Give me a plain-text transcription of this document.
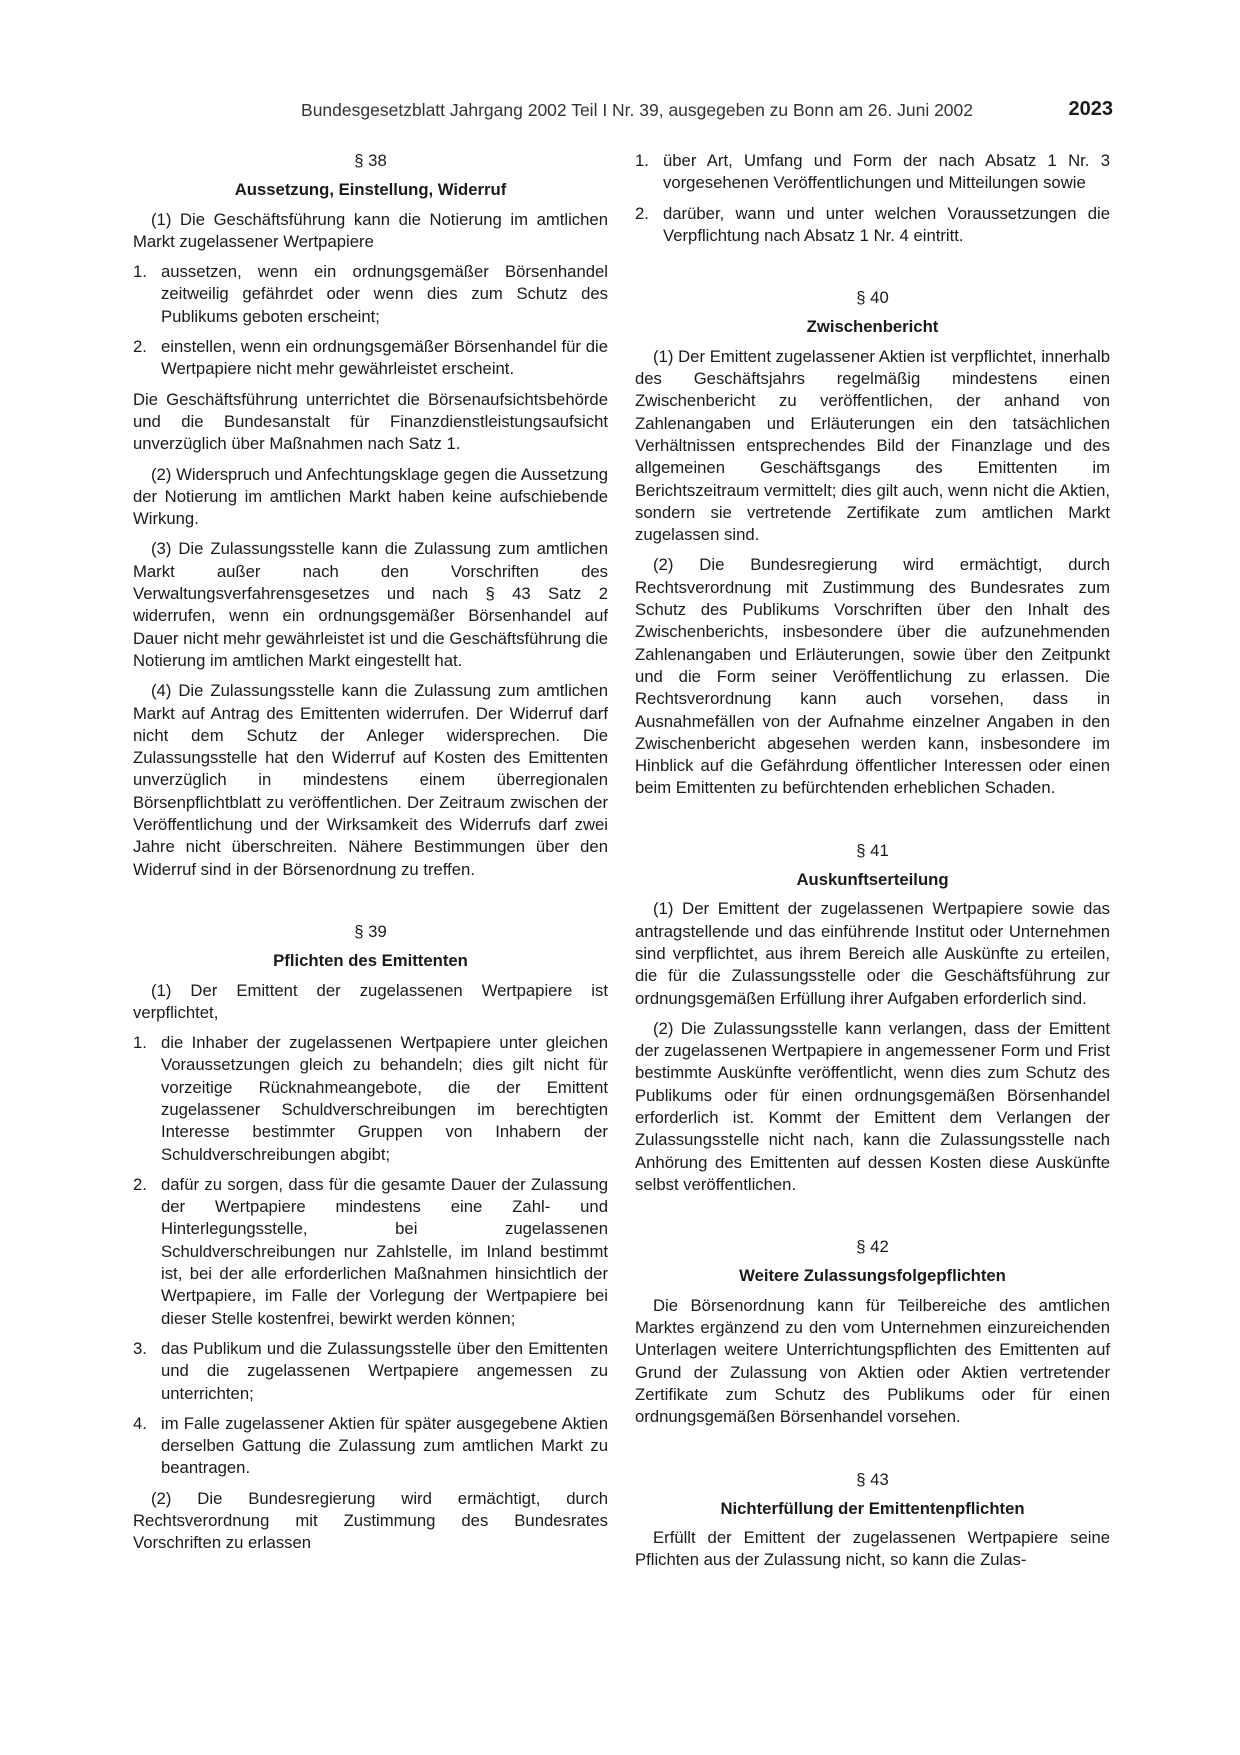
Bundesgesetzblatt Jahrgang 2002 Teil I Nr. 39, ausgegeben zu Bonn am 26. Juni 2002	2023
§ 38
Aussetzung, Einstellung, Widerruf
(1) Die Geschäftsführung kann die Notierung im amtlichen Markt zugelassener Wertpapiere
1. aussetzen, wenn ein ordnungsgemäßer Börsenhandel zeitweilig gefährdet oder wenn dies zum Schutz des Publikums geboten erscheint;
2. einstellen, wenn ein ordnungsgemäßer Börsenhandel für die Wertpapiere nicht mehr gewährleistet erscheint.
Die Geschäftsführung unterrichtet die Börsenaufsichtsbehörde und die Bundesanstalt für Finanzdienstleistungsaufsicht unverzüglich über Maßnahmen nach Satz 1.
(2) Widerspruch und Anfechtungsklage gegen die Aussetzung der Notierung im amtlichen Markt haben keine aufschiebende Wirkung.
(3) Die Zulassungsstelle kann die Zulassung zum amtlichen Markt außer nach den Vorschriften des Verwaltungsverfahrensgesetzes und nach § 43 Satz 2 widerrufen, wenn ein ordnungsgemäßer Börsenhandel auf Dauer nicht mehr gewährleistet ist und die Geschäftsführung die Notierung im amtlichen Markt eingestellt hat.
(4) Die Zulassungsstelle kann die Zulassung zum amtlichen Markt auf Antrag des Emittenten widerrufen. Der Widerruf darf nicht dem Schutz der Anleger widersprechen. Die Zulassungsstelle hat den Widerruf auf Kosten des Emittenten unverzüglich in mindestens einem überregionalen Börsenpflichtblatt zu veröffentlichen. Der Zeitraum zwischen der Veröffentlichung und der Wirksamkeit des Widerrufs darf zwei Jahre nicht überschreiten. Nähere Bestimmungen über den Widerruf sind in der Börsenordnung zu treffen.
§ 39
Pflichten des Emittenten
(1) Der Emittent der zugelassenen Wertpapiere ist verpflichtet,
1. die Inhaber der zugelassenen Wertpapiere unter gleichen Voraussetzungen gleich zu behandeln; dies gilt nicht für vorzeitige Rücknahmeangebote, die der Emittent zugelassener Schuldverschreibungen im berechtigten Interesse bestimmter Gruppen von Inhabern der Schuldverschreibungen abgibt;
2. dafür zu sorgen, dass für die gesamte Dauer der Zulassung der Wertpapiere mindestens eine Zahl- und Hinterlegungsstelle, bei zugelassenen Schuldverschreibungen nur Zahlstelle, im Inland bestimmt ist, bei der alle erforderlichen Maßnahmen hinsichtlich der Wertpapiere, im Falle der Vorlegung der Wertpapiere bei dieser Stelle kostenfrei, bewirkt werden können;
3. das Publikum und die Zulassungsstelle über den Emittenten und die zugelassenen Wertpapiere angemessen zu unterrichten;
4. im Falle zugelassener Aktien für später ausgegebene Aktien derselben Gattung die Zulassung zum amtlichen Markt zu beantragen.
(2) Die Bundesregierung wird ermächtigt, durch Rechtsverordnung mit Zustimmung des Bundesrates Vorschriften zu erlassen
1. über Art, Umfang und Form der nach Absatz 1 Nr. 3 vorgesehenen Veröffentlichungen und Mitteilungen sowie
2. darüber, wann und unter welchen Voraussetzungen die Verpflichtung nach Absatz 1 Nr. 4 eintritt.
§ 40
Zwischenbericht
(1) Der Emittent zugelassener Aktien ist verpflichtet, innerhalb des Geschäftsjahrs regelmäßig mindestens einen Zwischenbericht zu veröffentlichen, der anhand von Zahlenangaben und Erläuterungen ein den tatsächlichen Verhältnissen entsprechendes Bild der Finanzlage und des allgemeinen Geschäftsgangs des Emittenten im Berichtszeitraum vermittelt; dies gilt auch, wenn nicht die Aktien, sondern sie vertretende Zertifikate zum amtlichen Markt zugelassen sind.
(2) Die Bundesregierung wird ermächtigt, durch Rechtsverordnung mit Zustimmung des Bundesrates zum Schutz des Publikums Vorschriften über den Inhalt des Zwischenberichts, insbesondere über die aufzunehmenden Zahlenangaben und Erläuterungen, sowie über den Zeitpunkt und die Form seiner Veröffentlichung zu erlassen. Die Rechtsverordnung kann auch vorsehen, dass in Ausnahmefällen von der Aufnahme einzelner Angaben in den Zwischenbericht abgesehen werden kann, insbesondere im Hinblick auf die Gefährdung öffentlicher Interessen oder einen beim Emittenten zu befürchtenden erheblichen Schaden.
§ 41
Auskunftserteilung
(1) Der Emittent der zugelassenen Wertpapiere sowie das antragstellende und das einführende Institut oder Unternehmen sind verpflichtet, aus ihrem Bereich alle Auskünfte zu erteilen, die für die Zulassungsstelle oder die Geschäftsführung zur ordnungsgemäßen Erfüllung ihrer Aufgaben erforderlich sind.
(2) Die Zulassungsstelle kann verlangen, dass der Emittent der zugelassenen Wertpapiere in angemessener Form und Frist bestimmte Auskünfte veröffentlicht, wenn dies zum Schutz des Publikums oder für einen ordnungsgemäßen Börsenhandel erforderlich ist. Kommt der Emittent dem Verlangen der Zulassungsstelle nicht nach, kann die Zulassungsstelle nach Anhörung des Emittenten auf dessen Kosten diese Auskünfte selbst veröffentlichen.
§ 42
Weitere Zulassungsfolgepflichten
Die Börsenordnung kann für Teilbereiche des amtlichen Marktes ergänzend zu den vom Unternehmen einzureichenden Unterlagen weitere Unterrichtungspflichten des Emittenten auf Grund der Zulassung von Aktien oder Aktien vertretender Zertifikate zum Schutz des Publikums oder für einen ordnungsgemäßen Börsenhandel vorsehen.
§ 43
Nichterfüllung der Emittentenpflichten
Erfüllt der Emittent der zugelassenen Wertpapiere seine Pflichten aus der Zulassung nicht, so kann die Zulas-
